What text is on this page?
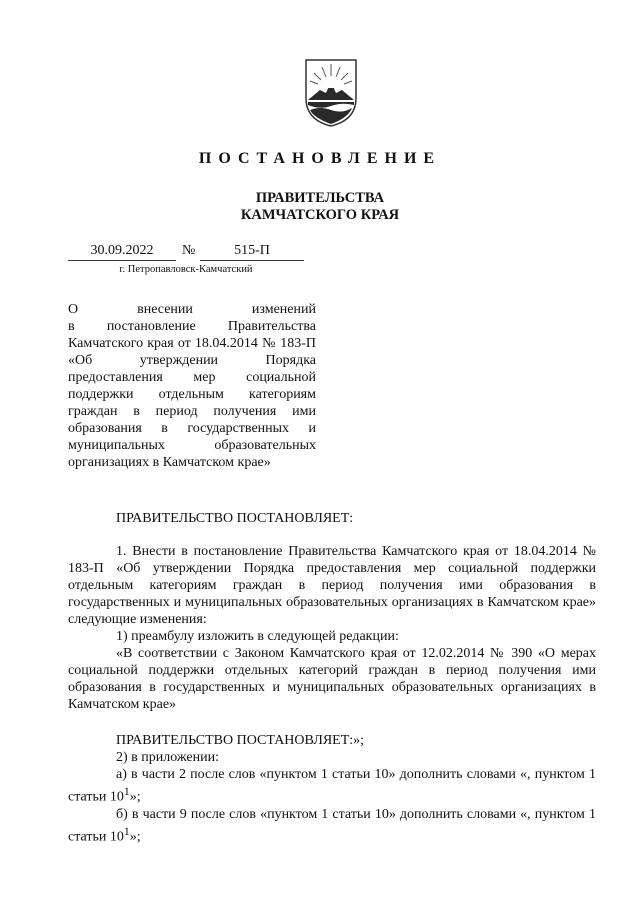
ПОСТАНОВЛЕНИЕ
ПРАВИТЕЛЬСТВА
КАМЧАТСКОГО КРАЯ
30.09.2022	№	515-П
г. Петропавловск-Камчатский

О внесении изменений

в постановление Правительства Камчатского края от 18.04.2014 № 183-П «Об утверждении Порядка предоставления мер социальной поддержки отдельным категориям граждан в период получения ими образования в государственных и муниципальных образовательных организациях в Камчатском крае»

ПРАВИТЕЛЬСТВО ПОСТАНОВЛЯЕТ:

1. Внести в постановление Правительства Камчатского края от 18.04.2014 № 183-П «Об утверждении Порядка предоставления мер социальной поддержки отдельным категориям граждан в период получения ими образования в государственных и муниципальных образовательных организациях в Камчатском крае» следующие изменения:

1) преамбулу изложить в следующей редакции:

«В соответствии с Законом Камчатского края от 12.02.2014 № 390 «О мерах социальной поддержки отдельных категорий граждан в период получения ими образования в государственных и муниципальных образовательных организациях в Камчатском крае»

ПРАВИТЕЛЬСТВО ПОСТАНОВЛЯЕТ:»;

2) в приложении:

а) в части 2 после слов «пунктом 1 статьи 10» дополнить словами «, пунктом 1 статьи $10^1$»;

б) в части 9 после слов «пунктом 1 статьи 10» дополнить словами «, пунктом 1 статьи $10^1$»;
